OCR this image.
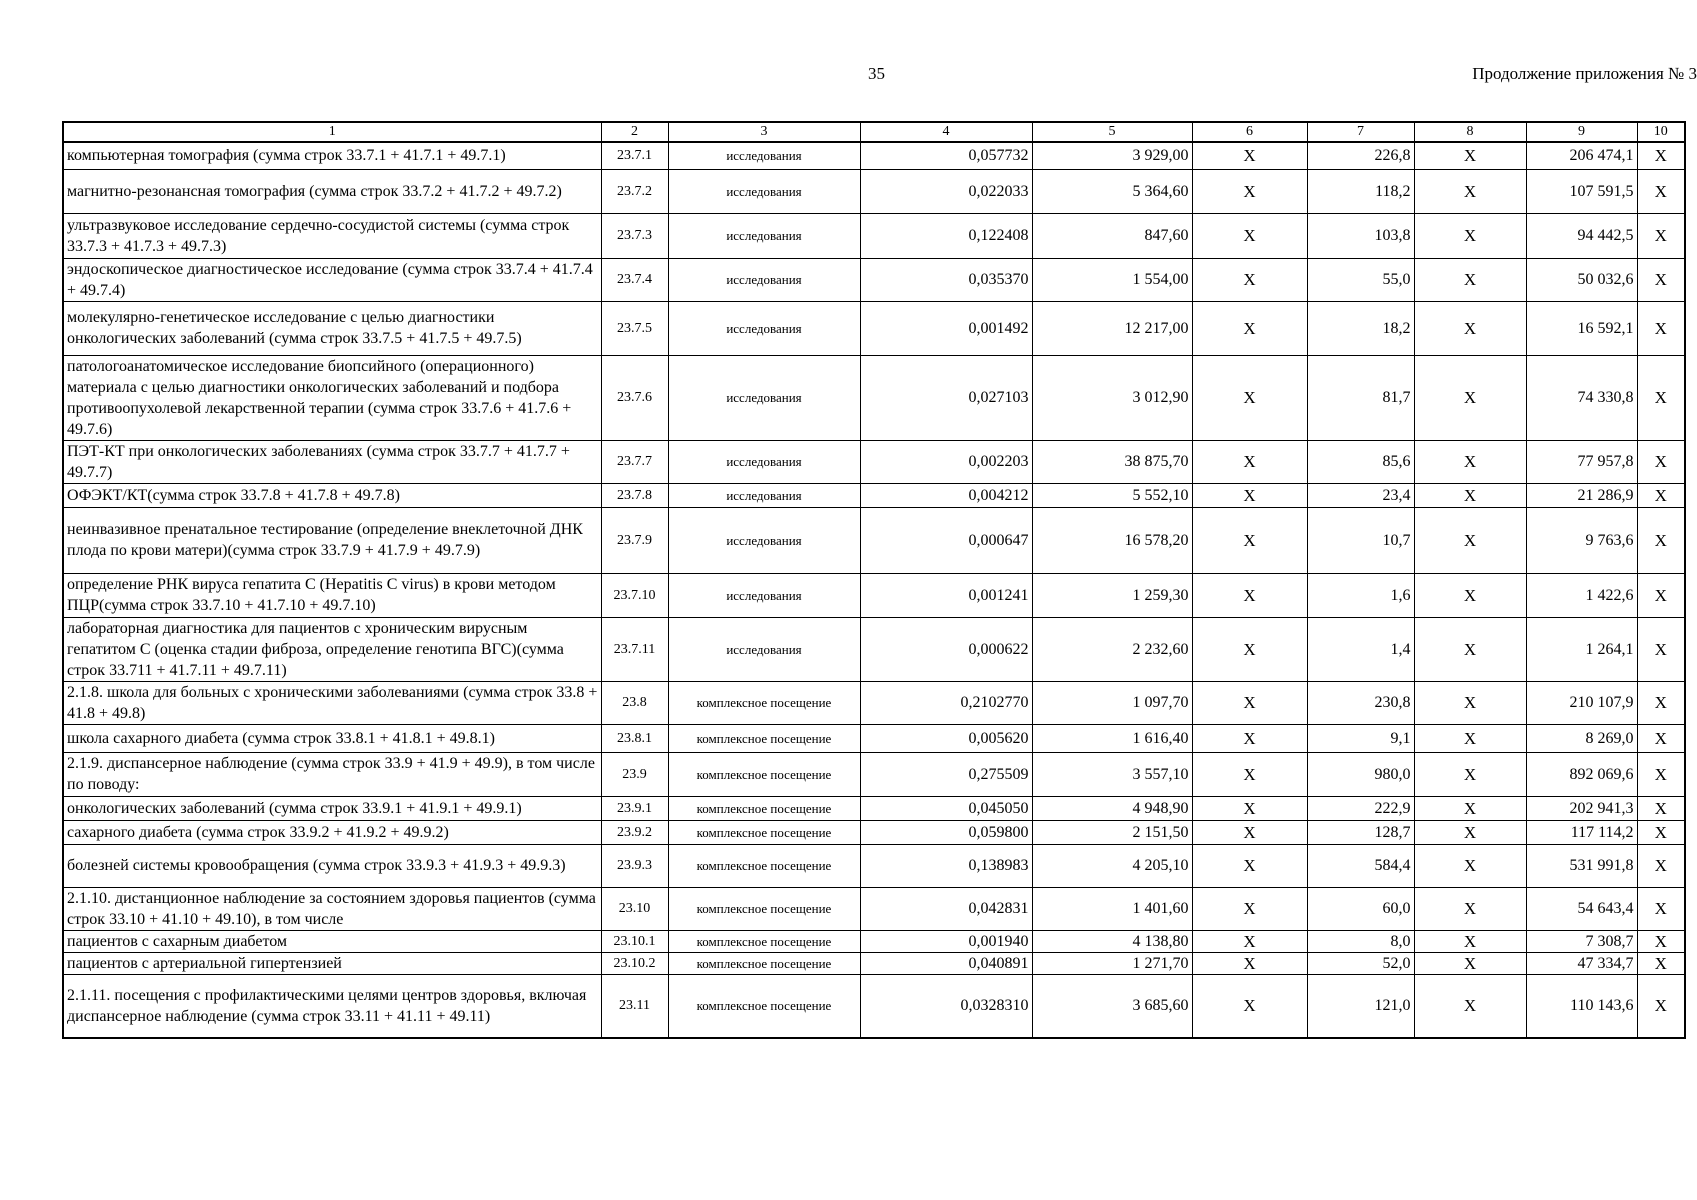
35	Продолжение приложения № 3
1	2	3	4	5	6	7	8	9	10
компьютерная томография (сумма строк 33.7.1 + 41.7.1 + 49.7.1)	23.7.1	исследования	0,057732	3 929,00	X	226,8	X	206 474,1	X
магнитно-резонансная томография (сумма строк 33.7.2 + 41.7.2 + 49.7.2)	23.7.2	исследования	0,022033	5 364,60	X	118,2	X	107 591,5	X
ультразвуковое исследование сердечно-сосудистой системы (сумма строк 33.7.3 + 41.7.3 + 49.7.3)	23.7.3	исследования	0,122408	847,60	X	103,8	X	94 442,5	X
эндоскопическое диагностическое исследование (сумма строк 33.7.4 + 41.7.4 + 49.7.4)	23.7.4	исследования	0,035370	1 554,00	X	55,0	X	50 032,6	X
молекулярно-генетическое исследование с целью диагностики онкологических заболеваний (сумма строк 33.7.5 + 41.7.5 + 49.7.5)	23.7.5	исследования	0,001492	12 217,00	X	18,2	X	16 592,1	X
патологоанатомическое исследование биопсийного (операционного) материала с целью диагностики онкологических заболеваний и подбора противоопухолевой лекарственной терапии (сумма строк 33.7.6 + 41.7.6 + 49.7.6)	23.7.6	исследования	0,027103	3 012,90	X	81,7	X	74 330,8	X
ПЭТ-КТ при онкологических заболеваниях (сумма строк 33.7.7 + 41.7.7 + 49.7.7)	23.7.7	исследования	0,002203	38 875,70	X	85,6	X	77 957,8	X
ОФЭКТ/КТ(сумма строк 33.7.8 + 41.7.8 + 49.7.8)	23.7.8	исследования	0,004212	5 552,10	X	23,4	X	21 286,9	X
неинвазивное пренатальное тестирование (определение внеклеточной ДНК плода по крови матери)(сумма строк 33.7.9 + 41.7.9 + 49.7.9)	23.7.9	исследования	0,000647	16 578,20	X	10,7	X	9 763,6	X
определение РНК вируса гепатита С (Hepatitis C virus) в крови методом ПЦР(сумма строк 33.7.10 + 41.7.10 + 49.7.10)	23.7.10	исследования	0,001241	1 259,30	X	1,6	X	1 422,6	X
лабораторная диагностика для пациентов с хроническим вирусным гепатитом С (оценка стадии фиброза, определение генотипа ВГС)(сумма строк 33.711 + 41.7.11 + 49.7.11)	23.7.11	исследования	0,000622	2 232,60	X	1,4	X	1 264,1	X
2.1.8. школа для больных с хроническими заболеваниями (сумма строк 33.8 + 41.8 + 49.8)	23.8	комплексное посещение	0,2102770	1 097,70	X	230,8	X	210 107,9	X
школа сахарного диабета (сумма строк 33.8.1 + 41.8.1 + 49.8.1)	23.8.1	комплексное посещение	0,005620	1 616,40	X	9,1	X	8 269,0	X
2.1.9. диспансерное наблюдение (сумма строк 33.9 + 41.9 + 49.9), в том числе по поводу:	23.9	комплексное посещение	0,275509	3 557,10	X	980,0	X	892 069,6	X
онкологических заболеваний (сумма строк 33.9.1 + 41.9.1 + 49.9.1)	23.9.1	комплексное посещение	0,045050	4 948,90	X	222,9	X	202 941,3	X
сахарного диабета (сумма строк 33.9.2 + 41.9.2 + 49.9.2)	23.9.2	комплексное посещение	0,059800	2 151,50	X	128,7	X	117 114,2	X
болезней системы кровообращения (сумма строк 33.9.3 + 41.9.3 + 49.9.3)	23.9.3	комплексное посещение	0,138983	4 205,10	X	584,4	X	531 991,8	X
2.1.10. дистанционное наблюдение за состоянием здоровья пациентов (сумма строк 33.10 + 41.10 + 49.10), в том числе	23.10	комплексное посещение	0,042831	1 401,60	X	60,0	X	54 643,4	X
пациентов с сахарным диабетом	23.10.1	комплексное посещение	0,001940	4 138,80	X	8,0	X	7 308,7	X
пациентов с артериальной гипертензией	23.10.2	комплексное посещение	0,040891	1 271,70	X	52,0	X	47 334,7	X
2.1.11. посещения с профилактическими целями центров здоровья, включая диспансерное наблюдение (сумма строк 33.11 + 41.11 + 49.11)	23.11	комплексное посещение	0,0328310	3 685,60	X	121,0	X	110 143,6	X
